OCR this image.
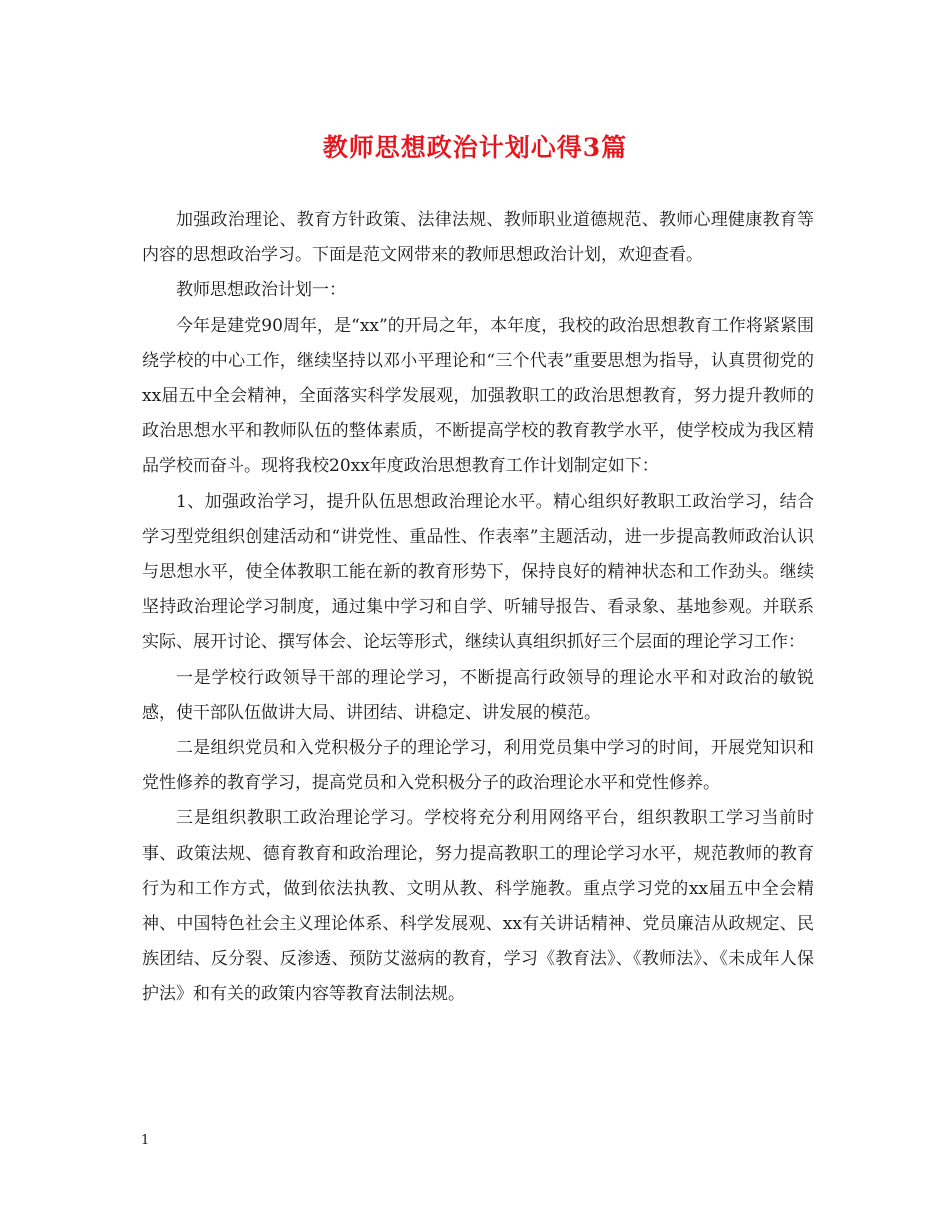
教师思想政治计划心得3篇

加强政治理论、教育方针政策、法律法规、教师职业道德规范、教师心理健康教育等内容的思想政治学习。下面是范文网带来的教师思想政治计划，欢迎查看。

教师思想政治计划一：

今年是建党90周年，是“xx”的开局之年，本年度，我校的政治思想教育工作将紧紧围绕学校的中心工作，继续坚持以邓小平理论和“三个代表”重要思想为指导，认真贯彻党的xx届五中全会精神，全面落实科学发展观，加强教职工的政治思想教育，努力提升教师的政治思想水平和教师队伍的整体素质，不断提高学校的教育教学水平，使学校成为我区精品学校而奋斗。现将我校20xx年度政治思想教育工作计划制定如下：

1、加强政治学习，提升队伍思想政治理论水平。精心组织好教职工政治学习，结合学习型党组织创建活动和“讲党性、重品性、作表率”主题活动，进一步提高教师政治认识与思想水平，使全体教职工能在新的教育形势下，保持良好的精神状态和工作劲头。继续坚持政治理论学习制度，通过集中学习和自学、听辅导报告、看录象、基地参观。并联系实际、展开讨论、撰写体会、论坛等形式，继续认真组织抓好三个层面的理论学习工作：

一是学校行政领导干部的理论学习，不断提高行政领导的理论水平和对政治的敏锐感，使干部队伍做讲大局、讲团结、讲稳定、讲发展的模范。

二是组织党员和入党积极分子的理论学习，利用党员集中学习的时间，开展党知识和党性修养的教育学习，提高党员和入党积极分子的政治理论水平和党性修养。

三是组织教职工政治理论学习。学校将充分利用网络平台，组织教职工学习当前时事、政策法规、德育教育和政治理论，努力提高教职工的理论学习水平，规范教师的教育行为和工作方式，做到依法执教、文明从教、科学施教。重点学习党的xx届五中全会精神、中国特色社会主义理论体系、科学发展观、xx有关讲话精神、党员廉洁从政规定、民族团结、反分裂、反渗透、预防艾滋病的教育，学习《教育法》、《教师法》、《未成年人保护法》和有关的政策内容等教育法制法规。

1
